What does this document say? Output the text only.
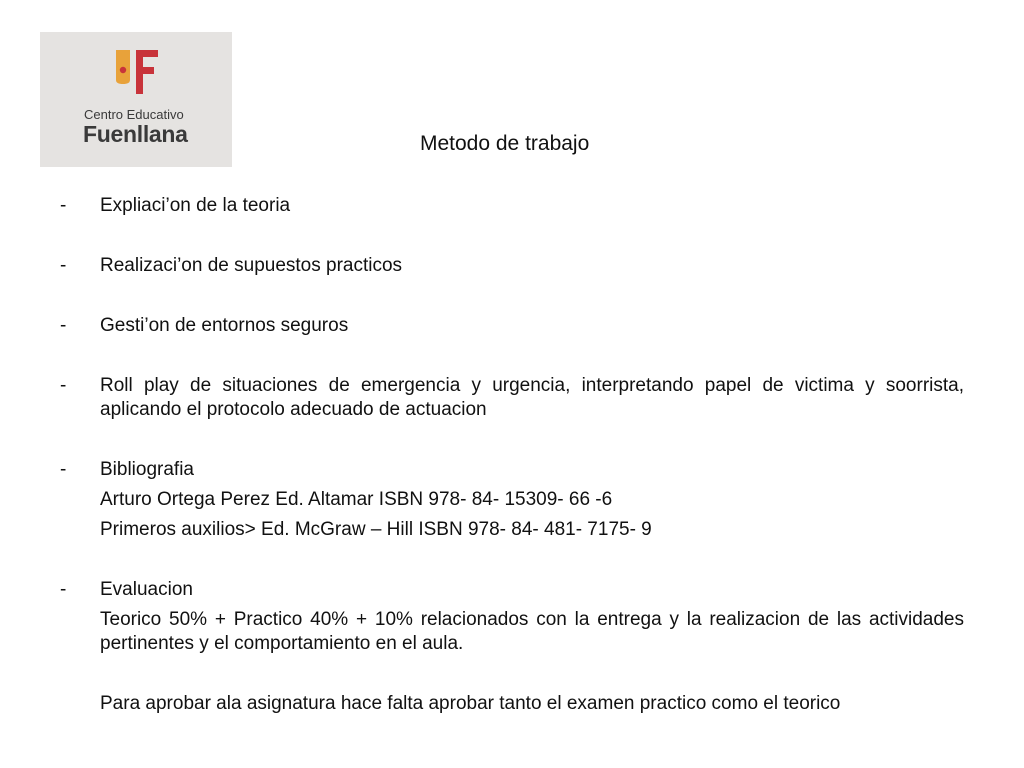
Centro Educativo
Fuenllana	Metodo de trabajo
- Expliaci’on de la teoria
- Realizaci’on de supuestos practicos
- Gesti’on de entornos seguros
- Roll play de situaciones de emergencia y urgencia, interpretando papel de victima y soorrista, aplicando el protocolo adecuado de actuacion
- Bibliografia
Arturo Ortega Perez Ed. Altamar ISBN 978- 84- 15309- 66 -6
Primeros auxilios> Ed. McGraw – Hill ISBN 978- 84- 481- 7175- 9
- Evaluacion
Teorico 50% + Practico 40% + 10% relacionados con la entrega y la realizacion de las actividades pertinentes y el comportamiento en el aula.
Para aprobar ala asignatura hace falta aprobar tanto el examen practico como el teorico
